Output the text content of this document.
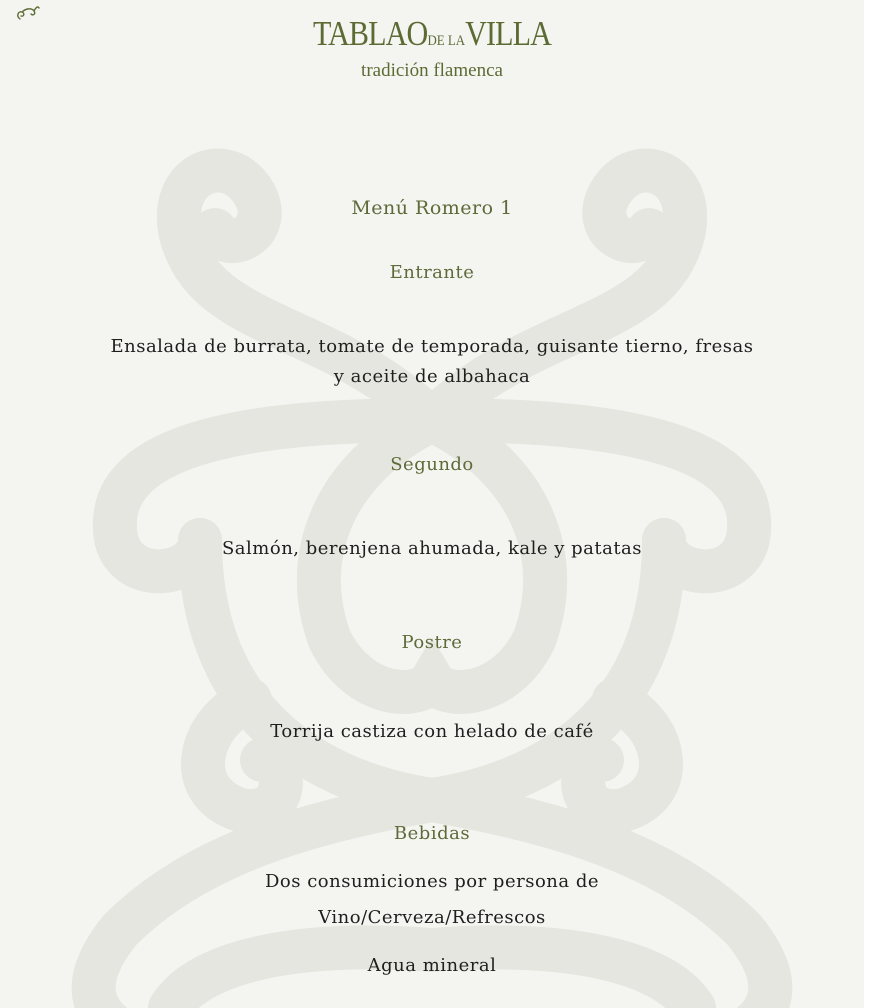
TABLAODE LAVILLA
tradición flamenca
Menú Romero 1
Entrante
Ensalada de burrata, tomate de temporada, guisante tierno, fresas
y aceite de albahaca
Segundo
Salmón, berenjena ahumada, kale y patatas
Postre
Torrija castiza con helado de café
Bebidas
Dos consumiciones por persona de
Vino/Cerveza/Refrescos
Agua mineral
